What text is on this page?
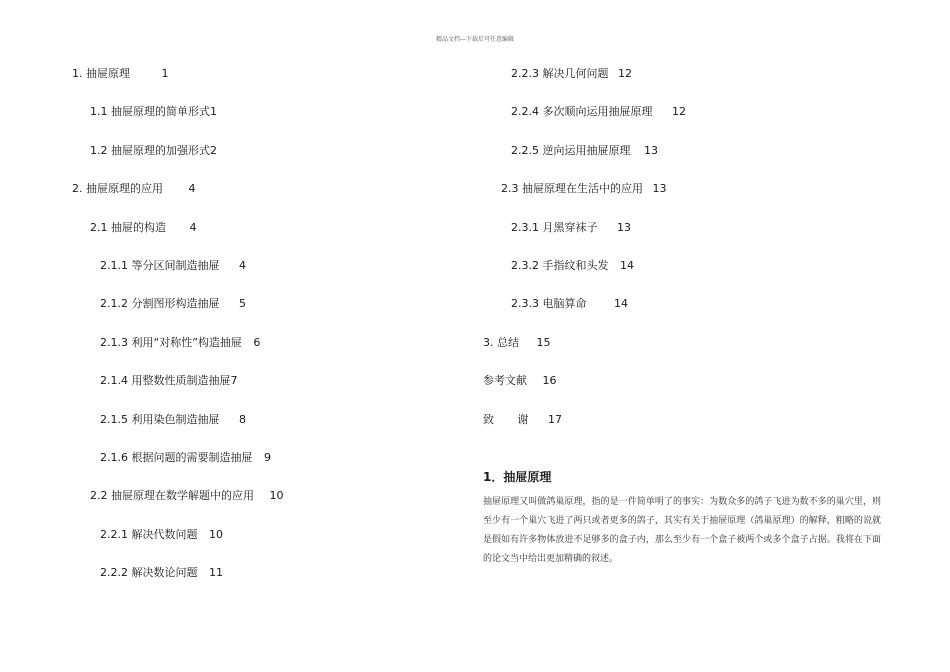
精品文档---下载后可任意编辑
1. 抽屉原理	1
1.1 抽屉原理的简单形式1
1.2 抽屉原理的加强形式2
2. 抽屉原理的应用 4
2.1 抽屉的构造 4
2.1.1 等分区间制造抽屉 4
2.1.2 分割图形构造抽屉 5
2.1.3 利用“对称性”构造抽屉 6
2.1.4 用整数性质制造抽屉7
2.1.5 利用染色制造抽屉 8
2.1.6 根据问题的需要制造抽屉 9
2.2 抽屉原理在数学解题中的应用 10
2.2.1 解决代数问题 10
2.2.2 解决数论问题 11
2.2.3 解决几何问题 12
2.2.4 多次顺向运用抽屉原理 12
2.2.5 逆向运用抽屉原理 13
2.3 抽屉原理在生活中的应用 13
2.3.1 月黑穿袜子 13
2.3.2 手指纹和头发 14
2.3.3 电脑算命	14
3. 总结 15
参考文献 16
致 谢 17
1．抽屉原理
抽屉原理又叫做鸽巢原理，指的是一件简单明了的事实：为数众多的鸽子飞进为数不多的巢穴里，则至少有一个巢穴飞进了两只或者更多的鸽子，其实有关于抽屉原理（鸽巢原理）的解释，粗略的说就是假如有许多物体放进不足够多的盒子内，那么至少有一个盒子被两个或多个盒子占据。我将在下面的论文当中给出更加精确的叙述。
